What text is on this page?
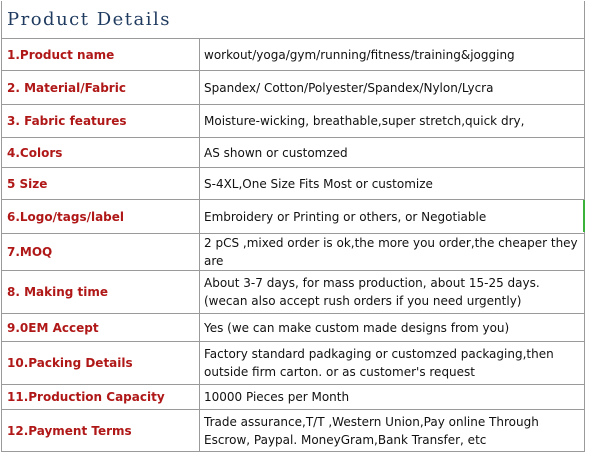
Product Details	
1.Product name	workout/yoga/gym/running/fitness/training&jogging
2. Material/Fabric	Spandex/ Cotton/Polyester/Spandex/Nylon/Lycra
3. Fabric features	Moisture-wicking, breathable,super stretch,quick dry,
4.Colors	AS shown or customzed
5 Size	S-4XL,One Size Fits Most or customize
6.Logo/tags/label	Embroidery or Printing or others, or Negotiable
7.MOQ	2 pCS ,mixed order is ok,the more you order,the cheaper they are
8. Making time	About 3-7 days, for mass production, about 15-25 days.(wecan also accept rush orders if you need urgently)
9.0EM Accept	Yes (we can make custom made designs from you)
10.Packing Details	Factory standard padkaging or customzed packaging,then outside firm carton. or as customer's request
11.Production Capacity	10000 Pieces per Month
12.Payment Terms	Trade assurance,T/T ,Western Union,Pay online Through Escrow, Paypal. MoneyGram,Bank Transfer, etc
